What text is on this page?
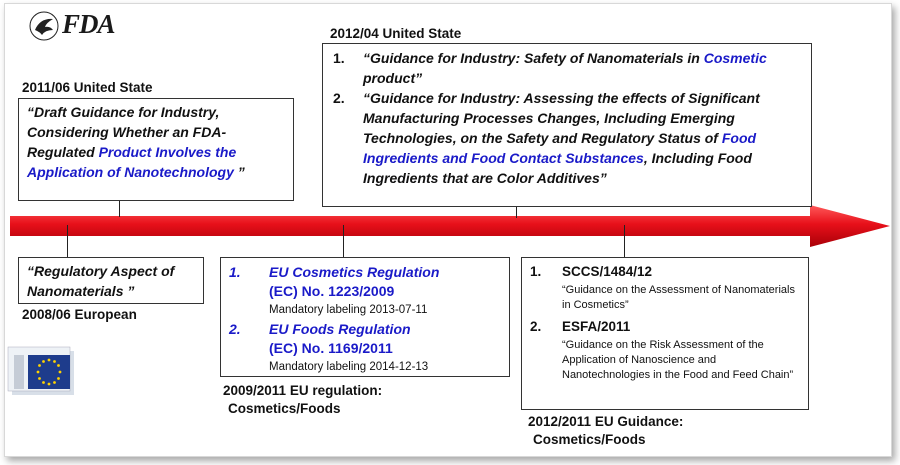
FDA
2011/06 United State
“Draft Guidance for Industry, Considering Whether an FDA-Regulated Product Involves the Application of Nanotechnology ”
2012/04 United State
1.	“Guidance for Industry: Safety of Nanomaterials in Cosmetic product”
2.	“Guidance for Industry: Assessing the effects of Significant Manufacturing Processes Changes, Including Emerging Technologies, on the Safety and Regulatory Status of Food Ingredients and Food Contact Substances, Including Food Ingredients that are Color Additives”
“Regulatory Aspect of Nanomaterials ”
2008/06 European
1. EU Cosmetics Regulation
(EC) No. 1223/2009
Mandatory labeling 2013-07-11
2. EU Foods Regulation
(EC) No. 1169/2011
Mandatory labeling 2014-12-13
2009/2011 EU regulation:
Cosmetics/Foods
1. SCCS/1484/12
“Guidance on the Assessment of Nanomaterials in Cosmetics”
2. ESFA/2011
“Guidance on the Risk Assessment of the Application of Nanoscience and Nanotechnologies in the Food and Feed Chain”
2012/2011 EU Guidance:
Cosmetics/Foods
